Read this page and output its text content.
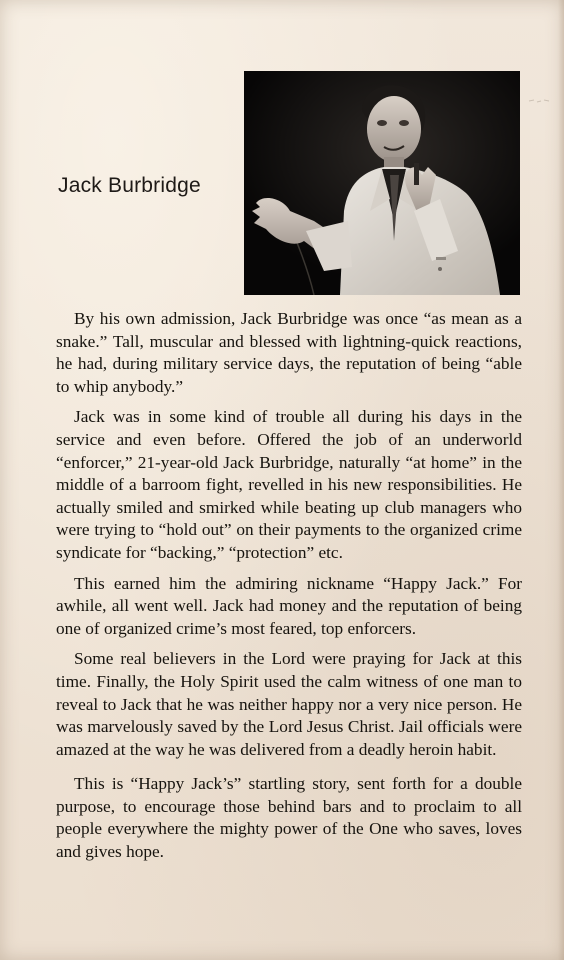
Jack Burbridge

By his own admission, Jack Burbridge was once “as mean as a snake.” Tall, muscular and blessed with lightning-quick reactions, he had, during military service days, the reputation of being “able to whip anybody.”

Jack was in some kind of trouble all during his days in the service and even before. Offered the job of an underworld “enforcer,” 21-year-old Jack Burbridge, naturally “at home” in the middle of a barroom fight, revelled in his new responsibilities. He actually smiled and smirked while beating up club managers who were trying to “hold out” on their payments to the organized crime syndicate for “backing,” “protection” etc.

This earned him the admiring nickname “Happy Jack.” For awhile, all went well. Jack had money and the reputation of being one of organized crime’s most feared, top enforcers.

Some real believers in the Lord were praying for Jack at this time. Finally, the Holy Spirit used the calm witness of one man to reveal to Jack that he was neither happy nor a very nice person. He was marvelously saved by the Lord Jesus Christ. Jail officials were amazed at the way he was delivered from a deadly heroin habit.

This is “Happy Jack’s” startling story, sent forth for a double purpose, to encourage those behind bars and to proclaim to all people everywhere the mighty power of the One who saves, loves and gives hope.
